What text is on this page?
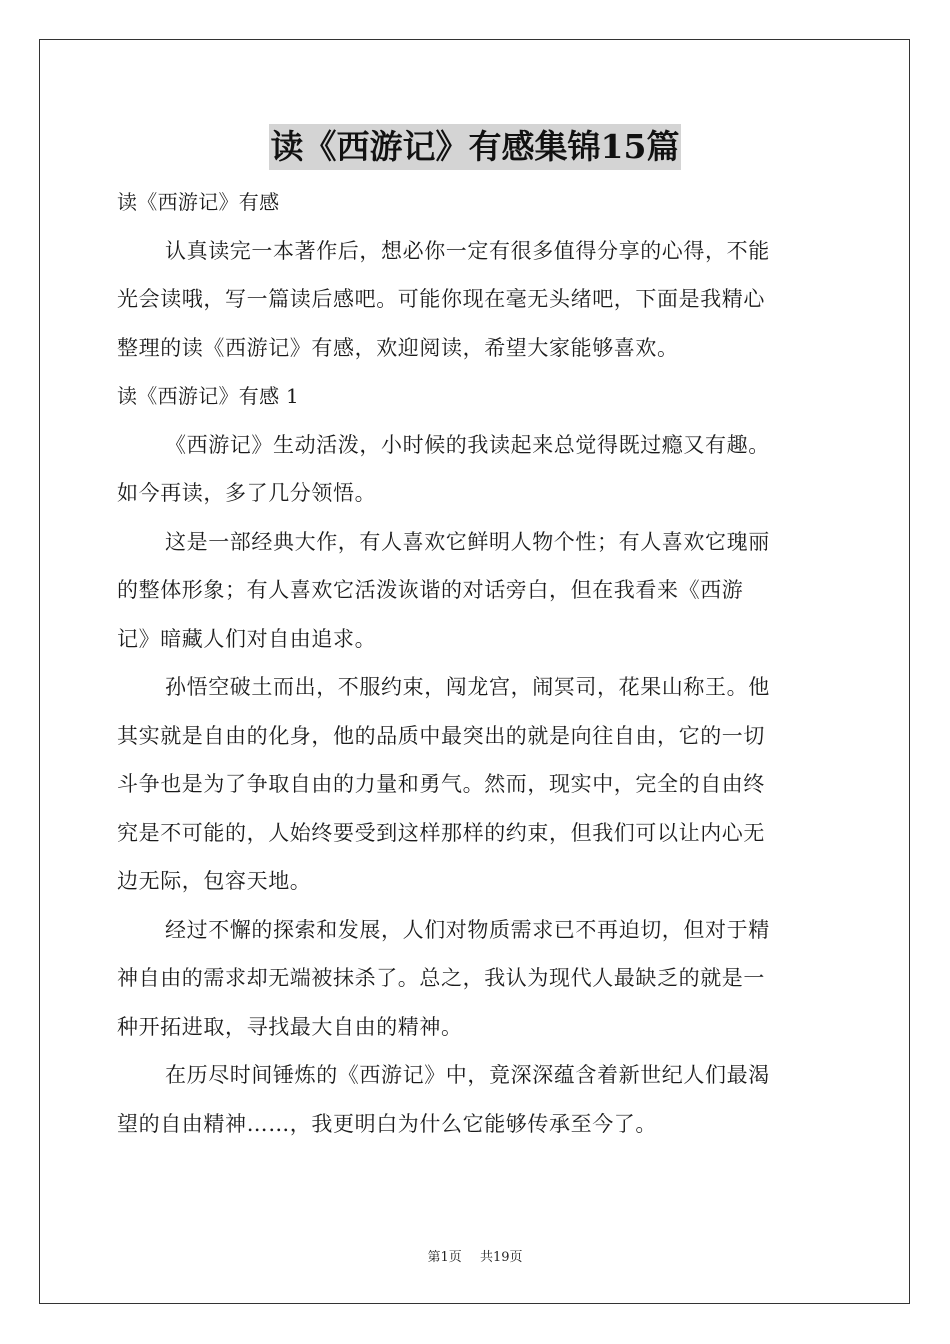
读《西游记》有感集锦15篇
读《西游记》有感
认真读完一本著作后，想必你一定有很多值得分享的心得，不能
光会读哦，写一篇读后感吧。可能你现在毫无头绪吧，下面是我精心
整理的读《西游记》有感，欢迎阅读，希望大家能够喜欢。
读《西游记》有感 1
《西游记》生动活泼，小时候的我读起来总觉得既过瘾又有趣。
如今再读，多了几分领悟。
这是一部经典大作，有人喜欢它鲜明人物个性；有人喜欢它瑰丽
的整体形象；有人喜欢它活泼诙谐的对话旁白，但在我看来《西游
记》暗藏人们对自由追求。
孙悟空破土而出，不服约束，闯龙宫，闹冥司，花果山称王。他
其实就是自由的化身，他的品质中最突出的就是向往自由，它的一切
斗争也是为了争取自由的力量和勇气。然而，现实中，完全的自由终
究是不可能的，人始终要受到这样那样的约束，但我们可以让内心无
边无际，包容天地。
经过不懈的探索和发展，人们对物质需求已不再迫切，但对于精
神自由的需求却无端被抹杀了。总之，我认为现代人最缺乏的就是一
种开拓进取，寻找最大自由的精神。
在历尽时间锤炼的《西游记》中，竟深深蕴含着新世纪人们最渴
望的自由精神……，我更明白为什么它能够传承至今了。
第1页 共19页
